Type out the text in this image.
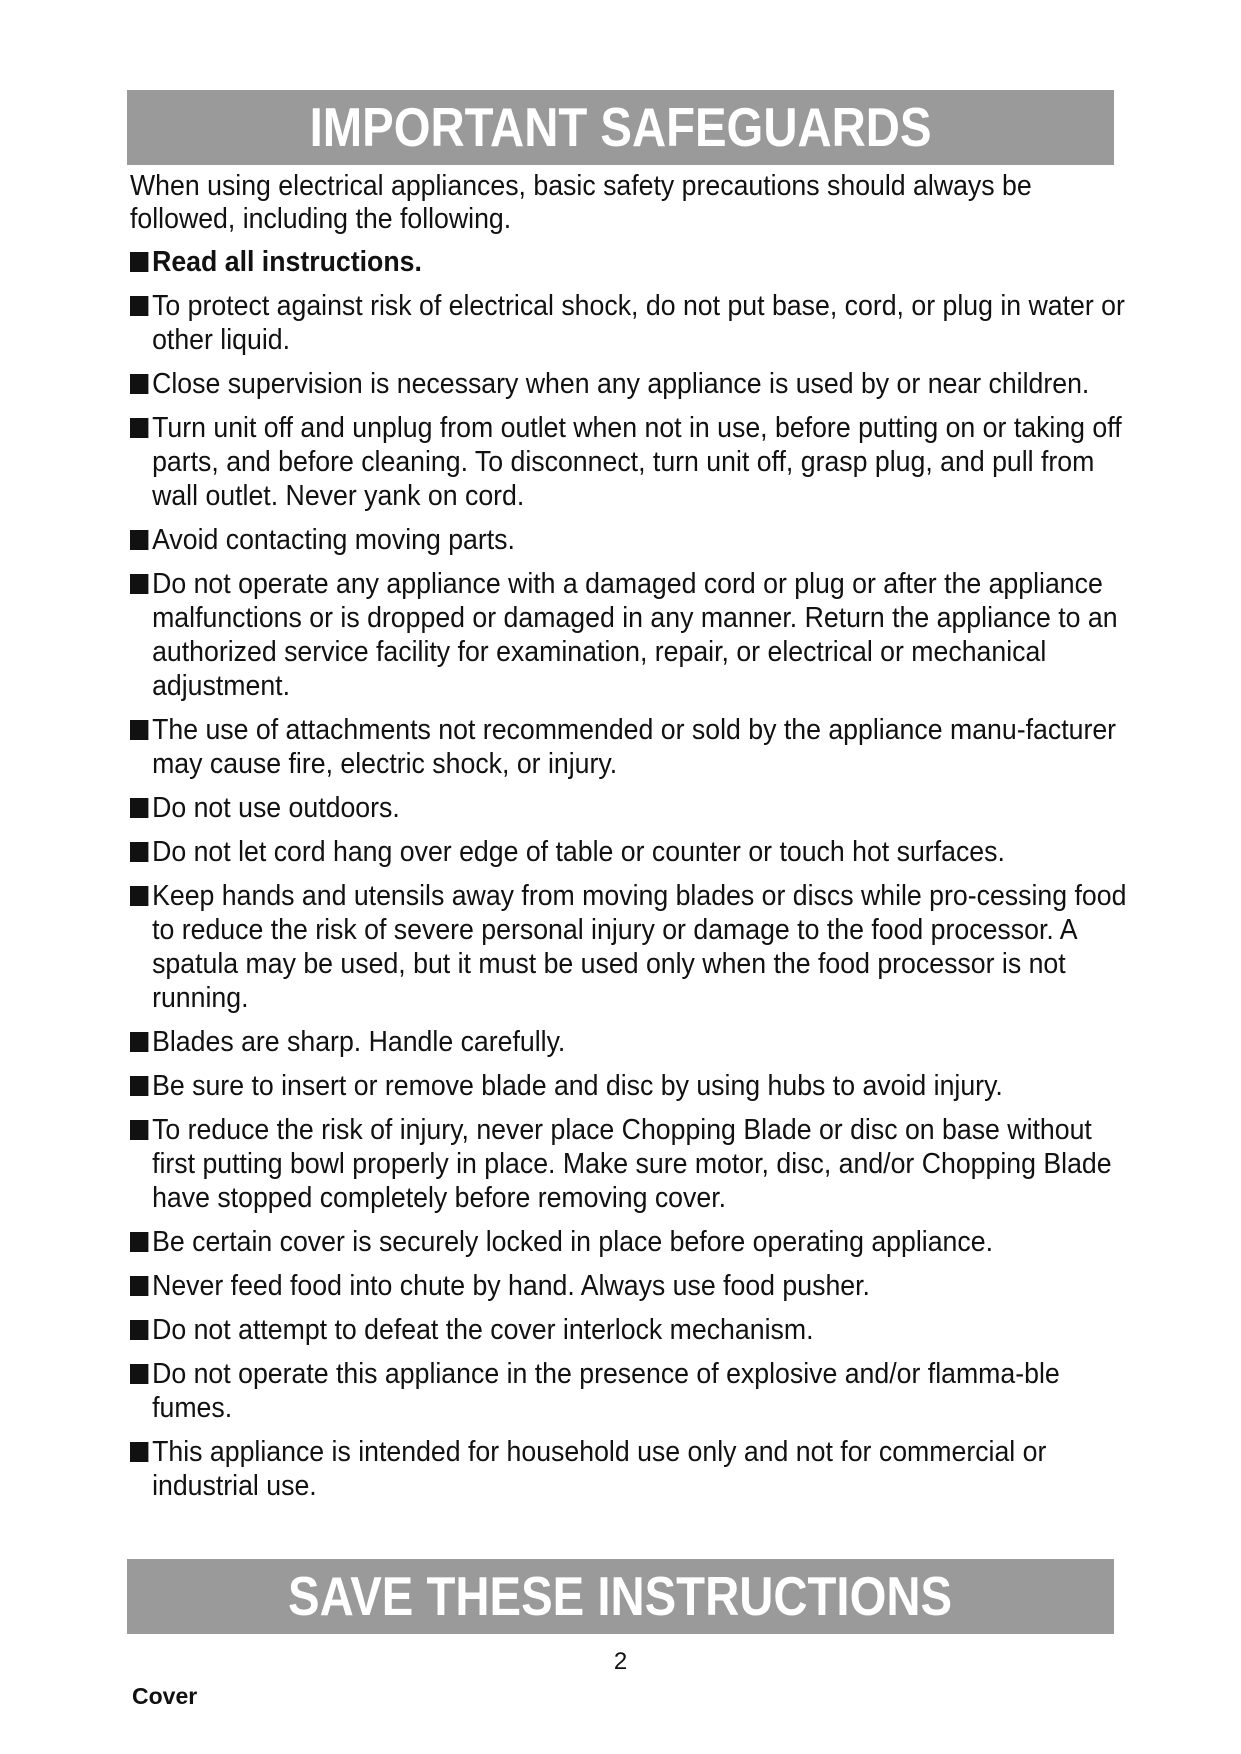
IMPORTANT SAFEGUARDS

When using electrical appliances, basic safety precautions should always be followed, including the following.

Read all instructions.

To protect against risk of electrical shock, do not put base, cord, or plug in water or other liquid.

Close supervision is necessary when any appliance is used by or near children.

Turn unit off and unplug from outlet when not in use, before putting on or taking off parts, and before cleaning. To disconnect, turn unit off, grasp plug, and pull from wall outlet. Never yank on cord.

Avoid contacting moving parts.

Do not operate any appliance with a damaged cord or plug or after the appliance malfunctions or is dropped or damaged in any manner. Return the appliance to an authorized service facility for examination, repair, or electrical or mechanical adjustment.

The use of attachments not recommended or sold by the appliance manu-facturer may cause fire, electric shock, or injury.

Do not use outdoors.

Do not let cord hang over edge of table or counter or touch hot surfaces.

Keep hands and utensils away from moving blades or discs while pro-cessing food to reduce the risk of severe personal injury or damage to the food processor. A spatula may be used, but it must be used only when the food processor is not running.

Blades are sharp. Handle carefully.

Be sure to insert or remove blade and disc by using hubs to avoid injury.

To reduce the risk of injury, never place Chopping Blade or disc on base without first putting bowl properly in place. Make sure motor, disc, and/or Chopping Blade have stopped completely before removing cover.

Be certain cover is securely locked in place before operating appliance.

Never feed food into chute by hand. Always use food pusher.

Do not attempt to defeat the cover interlock mechanism.

Do not operate this appliance in the presence of explosive and/or flamma-ble fumes.

This appliance is intended for household use only and not for commercial or industrial use.

SAVE THESE INSTRUCTIONS
2
Cover
